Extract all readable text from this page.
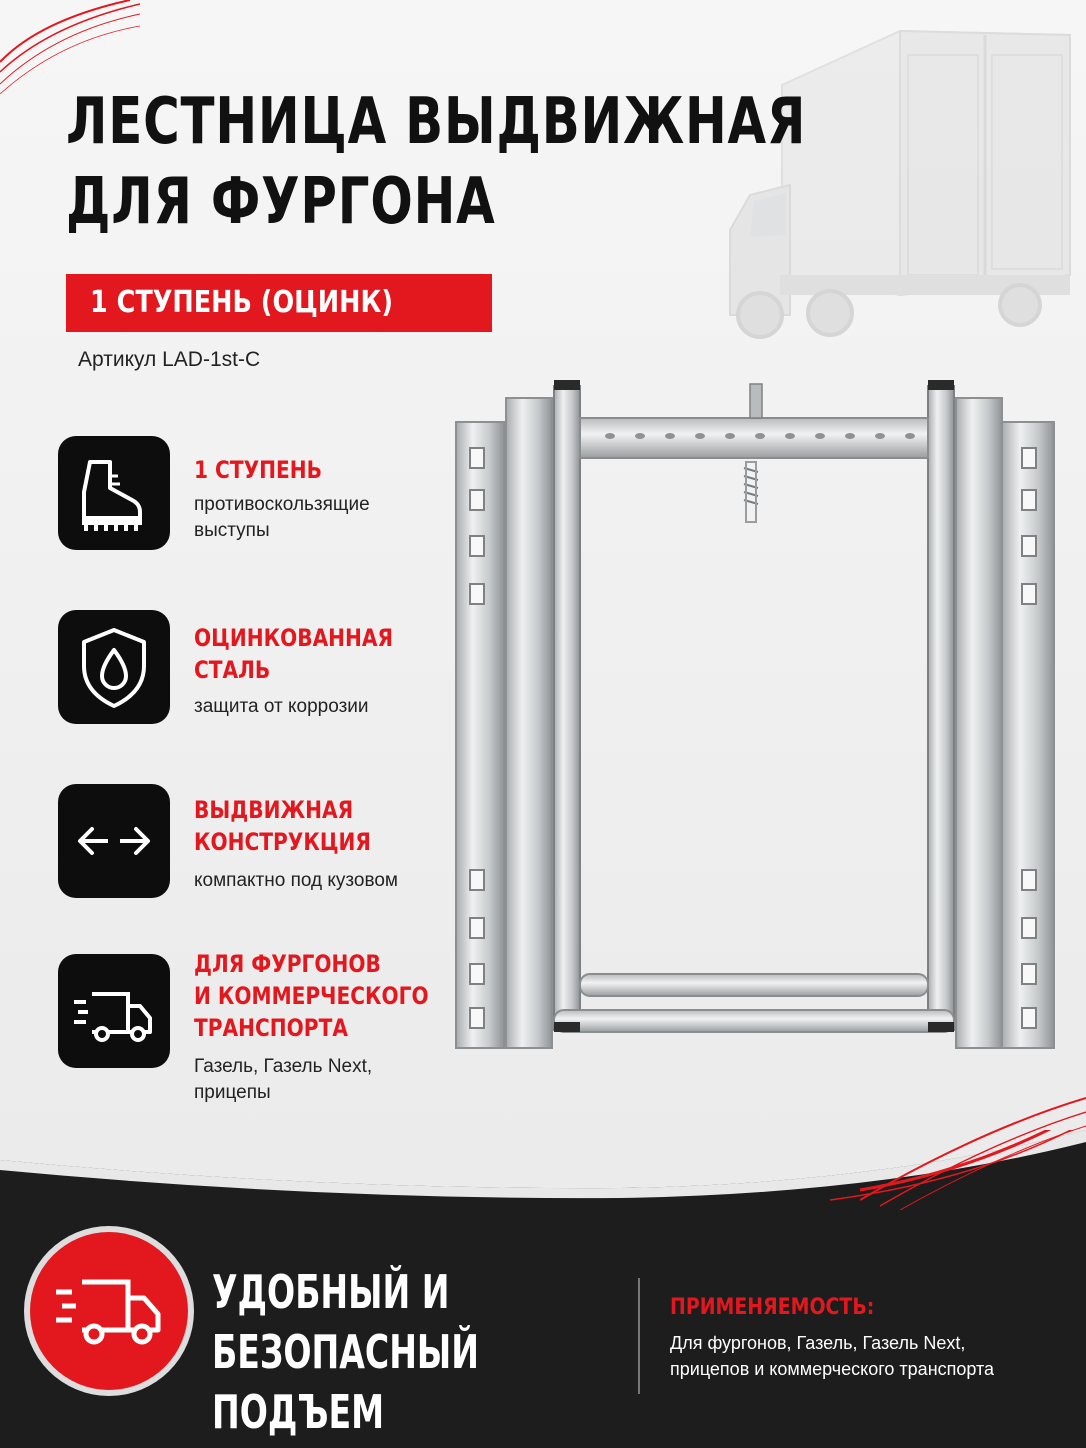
ЛЕСТНИЦА ВЫДВИЖНАЯ
ДЛЯ ФУРГОНА
1 СТУПЕНЬ (ОЦИНК)
Артикул LAD-1st-C

1 СТУПЕНЬ

противоскользящие
выступы

ОЦИНКОВАННАЯ
СТАЛЬ

защита от коррозии

ВЫДВИЖНАЯ
КОНСТРУКЦИЯ

компактно под кузовом

ДЛЯ ФУРГОНОВ
И КОММЕРЧЕСКОГО
ТРАНСПОРТА

Газель, Газель Next,
прицепы

УДОБНЫЙ И
БЕЗОПАСНЫЙ ПОДЪЕМ

ПРИМЕНЯЕМОСТЬ:
Для фургонов, Газель, Газель Next,
прицепов и коммерческого транспорта
